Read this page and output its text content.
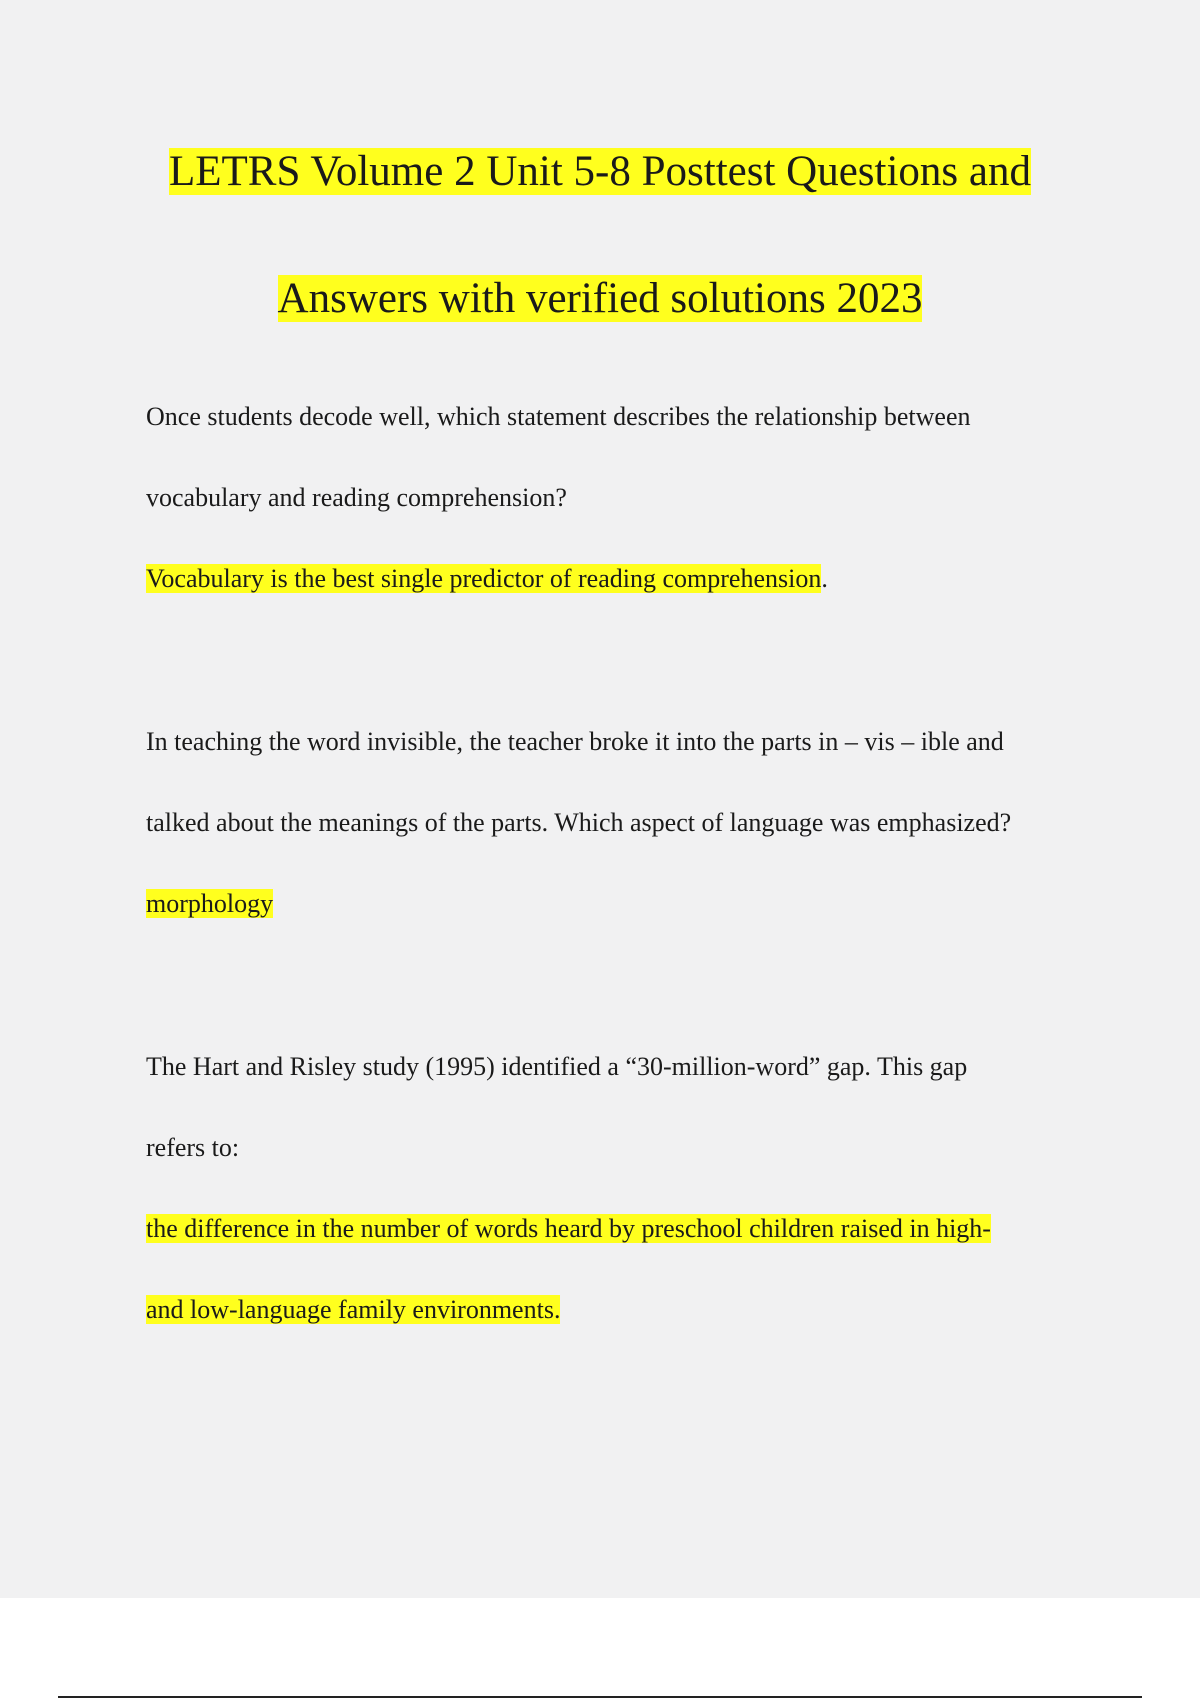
LETRS Volume 2 Unit 5-8 Posttest Questions and
Answers with verified solutions 2023
Once students decode well, which statement describes the relationship between
vocabulary and reading comprehension?
Vocabulary is the best single predictor of reading comprehension.
In teaching the word invisible, the teacher broke it into the parts in – vis – ible and
talked about the meanings of the parts. Which aspect of language was emphasized?
morphology
The Hart and Risley study (1995) identified a “30-million-word” gap. This gap
refers to:
the difference in the number of words heard by preschool children raised in high-
and low-language family environments.
